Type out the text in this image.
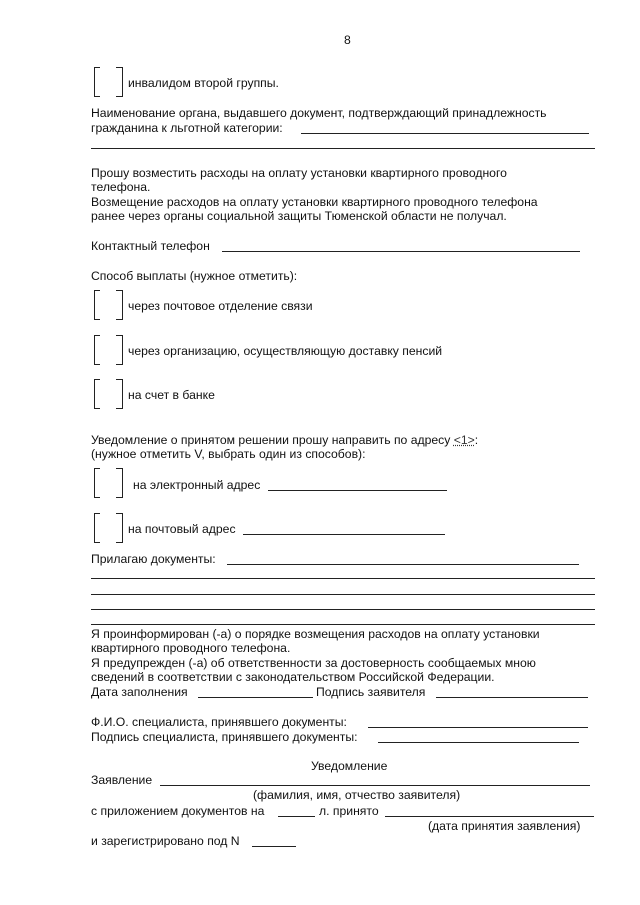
8
инвалидом второй группы.
Наименование органа, выдавшего документ, подтверждающий принадлежность
гражданина к льготной категории:
Прошу возместить расходы на оплату установки квартирного проводного
телефона.
Возмещение расходов на оплату установки квартирного проводного телефона
ранее через органы социальной защиты Тюменской области не получал.
Контактный телефон
Способ выплаты (нужное отметить):
через почтовое отделение связи
через организацию, осуществляющую доставку пенсий
на счет в банке
Уведомление о принятом решении прошу направить по адресу <1>:
(нужное отметить V, выбрать один из способов):
на электронный адрес
на почтовый адрес
Прилагаю документы:
Я проинформирован (-а) о порядке возмещения расходов на оплату установки
квартирного проводного телефона.
Я предупрежден (-а) об ответственности за достоверность сообщаемых мною
сведений в соответствии с законодательством Российской Федерации.
Дата заполнения	Подпись заявителя
Ф.И.О. специалиста, принявшего документы:
Подпись специалиста, принявшего документы:
Уведомление
Заявление
(фамилия, имя, отчество заявителя)
с приложением документов на	л. принято
(дата принятия заявления)
и зарегистрировано под N
